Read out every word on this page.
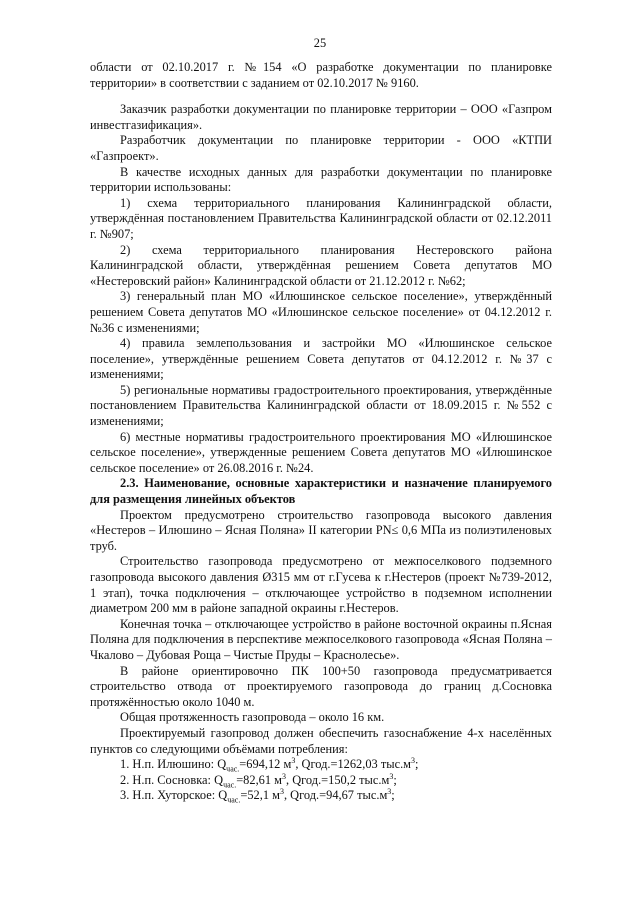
25

области от 02.10.2017 г. №154 «О разработке документации по планировке территории» в соответствии с заданием от 02.10.2017 № 9160.

Заказчик разработки документации по планировке территории – ООО «Газпром инвестгазификация».

Разработчик документации по планировке территории - ООО «КТПИ «Газпроект».

В качестве исходных данных для разработки документации по планировке территории использованы:

1) схема территориального планирования Калининградской области, утверждённая постановлением Правительства Калининградской области от 02.12.2011 г. №907;

2) схема территориального планирования Нестеровского района Калининградской области, утверждённая решением Совета депутатов МО «Нестеровский район» Калининградской области от 21.12.2012 г. №62;

3) генеральный план МО «Илюшинское сельское поселение», утверждённый решением Совета депутатов МО «Илюшинское сельское поселение» от 04.12.2012 г. №36 с изменениями;

4) правила землепользования и застройки МО «Илюшинское сельское поселение», утверждённые решением Совета депутатов от 04.12.2012 г. №37 с изменениями;

5) региональные нормативы градостроительного проектирования, утверждённые постановлением Правительства Калининградской области от 18.09.2015 г. №552 с изменениями;

6) местные нормативы градостроительного проектирования МО «Илюшинское сельское поселение», утвержденные решением Совета депутатов МО «Илюшинское сельское поселение» от 26.08.2016 г. №24.

2.3. Наименование, основные характеристики и назначение планируемого для размещения линейных объектов

Проектом предусмотрено строительство газопровода высокого давления «Нестеров – Илюшино – Ясная Поляна» II категории PN≤ 0,6 МПа из полиэтиленовых труб.

Строительство газопровода предусмотрено от межпоселкового подземного газопровода высокого давления Ø315 мм от г.Гусева к г.Нестеров (проект №739-2012, 1 этап), точка подключения – отключающее устройство в подземном исполнении диаметром 200 мм в районе западной окраины г.Нестеров.

Конечная точка – отключающее устройство в районе восточной окраины п.Ясная Поляна для подключения в перспективе межпоселкового газопровода «Ясная Поляна – Чкалово – Дубовая Роща – Чистые Пруды – Краснолесье».

В районе ориентировочно ПК 100+50 газопровода предусматривается строительство отвода от проектируемого газопровода до границ д.Сосновка протяжённостью около 1040 м.

Общая протяженность газопровода – около 16 км.

Проектируемый газопровод должен обеспечить газоснабжение 4-х населённых пунктов со следующими объёмами потребления:

1. Н.п. Илюшино: $Q_{час.}=694,12$ $м^3$, Qгод.=1262,03 $тыс.м^3$;

2. Н.п. Сосновка: $Q_{час.}=82,61$ $м^3$, Qгод.=150,2 $тыс.м^3$;

3. Н.п. Хуторское: $Q_{час.}=52,1$ $м^3$, Qгод.=94,67 $тыс.м^3$;
